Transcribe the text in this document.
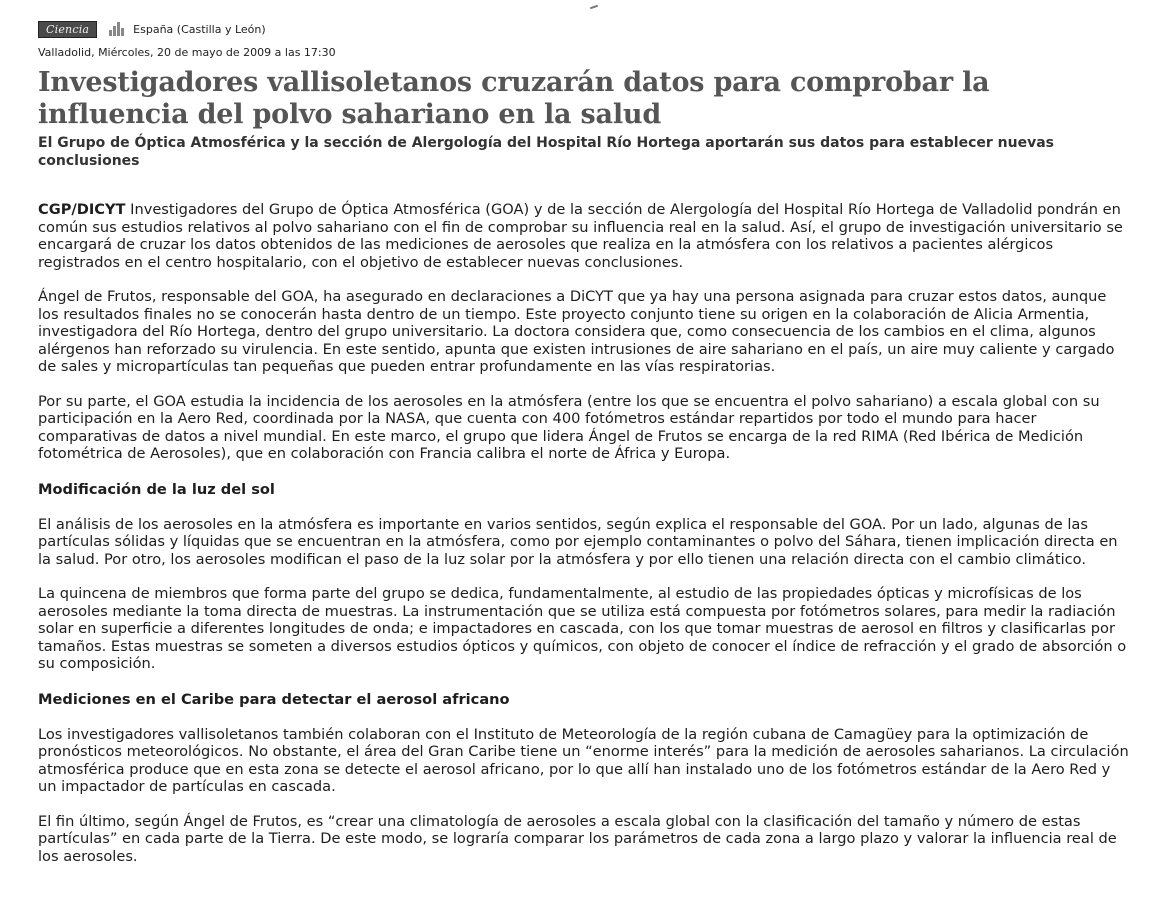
Ciencia	España (Castilla y León)
Valladolid, Miércoles, 20 de mayo de 2009 a las 17:30
Investigadores vallisoletanos cruzarán datos para comprobar la influencia del polvo sahariano en la salud

El Grupo de Óptica Atmosférica y la sección de Alergología del Hospital Río Hortega aportarán sus datos para establecer nuevas conclusiones

CGP/DICYT Investigadores del Grupo de Óptica Atmosférica (GOA) y de la sección de Alergología del Hospital Río Hortega de Valladolid pondrán en común sus estudios relativos al polvo sahariano con el fin de comprobar su influencia real en la salud. Así, el grupo de investigación universitario se encargará de cruzar los datos obtenidos de las mediciones de aerosoles que realiza en la atmósfera con los relativos a pacientes alérgicos registrados en el centro hospitalario, con el objetivo de establecer nuevas conclusiones.

Ángel de Frutos, responsable del GOA, ha asegurado en declaraciones a DiCYT que ya hay una persona asignada para cruzar estos datos, aunque los resultados finales no se conocerán hasta dentro de un tiempo. Este proyecto conjunto tiene su origen en la colaboración de Alicia Armentia, investigadora del Río Hortega, dentro del grupo universitario. La doctora considera que, como consecuencia de los cambios en el clima, algunos alérgenos han reforzado su virulencia. En este sentido, apunta que existen intrusiones de aire sahariano en el país, un aire muy caliente y cargado de sales y micropartículas tan pequeñas que pueden entrar profundamente en las vías respiratorias.

Por su parte, el GOA estudia la incidencia de los aerosoles en la atmósfera (entre los que se encuentra el polvo sahariano) a escala global con su participación en la Aero Red, coordinada por la NASA, que cuenta con 400 fotómetros estándar repartidos por todo el mundo para hacer comparativas de datos a nivel mundial. En este marco, el grupo que lidera Ángel de Frutos se encarga de la red RIMA (Red Ibérica de Medición fotométrica de Aerosoles), que en colaboración con Francia calibra el norte de África y Europa.

Modificación de la luz del sol

El análisis de los aerosoles en la atmósfera es importante en varios sentidos, según explica el responsable del GOA. Por un lado, algunas de las partículas sólidas y líquidas que se encuentran en la atmósfera, como por ejemplo contaminantes o polvo del Sáhara, tienen implicación directa en la salud. Por otro, los aerosoles modifican el paso de la luz solar por la atmósfera y por ello tienen una relación directa con el cambio climático.

La quincena de miembros que forma parte del grupo se dedica, fundamentalmente, al estudio de las propiedades ópticas y microfísicas de los aerosoles mediante la toma directa de muestras. La instrumentación que se utiliza está compuesta por fotómetros solares, para medir la radiación solar en superficie a diferentes longitudes de onda; e impactadores en cascada, con los que tomar muestras de aerosol en filtros y clasificarlas por tamaños. Estas muestras se someten a diversos estudios ópticos y químicos, con objeto de conocer el índice de refracción y el grado de absorción o su composición.

Mediciones en el Caribe para detectar el aerosol africano

Los investigadores vallisoletanos también colaboran con el Instituto de Meteorología de la región cubana de Camagüey para la optimización de pronósticos meteorológicos. No obstante, el área del Gran Caribe tiene un “enorme interés” para la medición de aerosoles saharianos. La circulación atmosférica produce que en esta zona se detecte el aerosol africano, por lo que allí han instalado uno de los fotómetros estándar de la Aero Red y un impactador de partículas en cascada.

El fin último, según Ángel de Frutos, es “crear una climatología de aerosoles a escala global con la clasificación del tamaño y número de estas partículas” en cada parte de la Tierra. De este modo, se lograría comparar los parámetros de cada zona a largo plazo y valorar la influencia real de los aerosoles.
